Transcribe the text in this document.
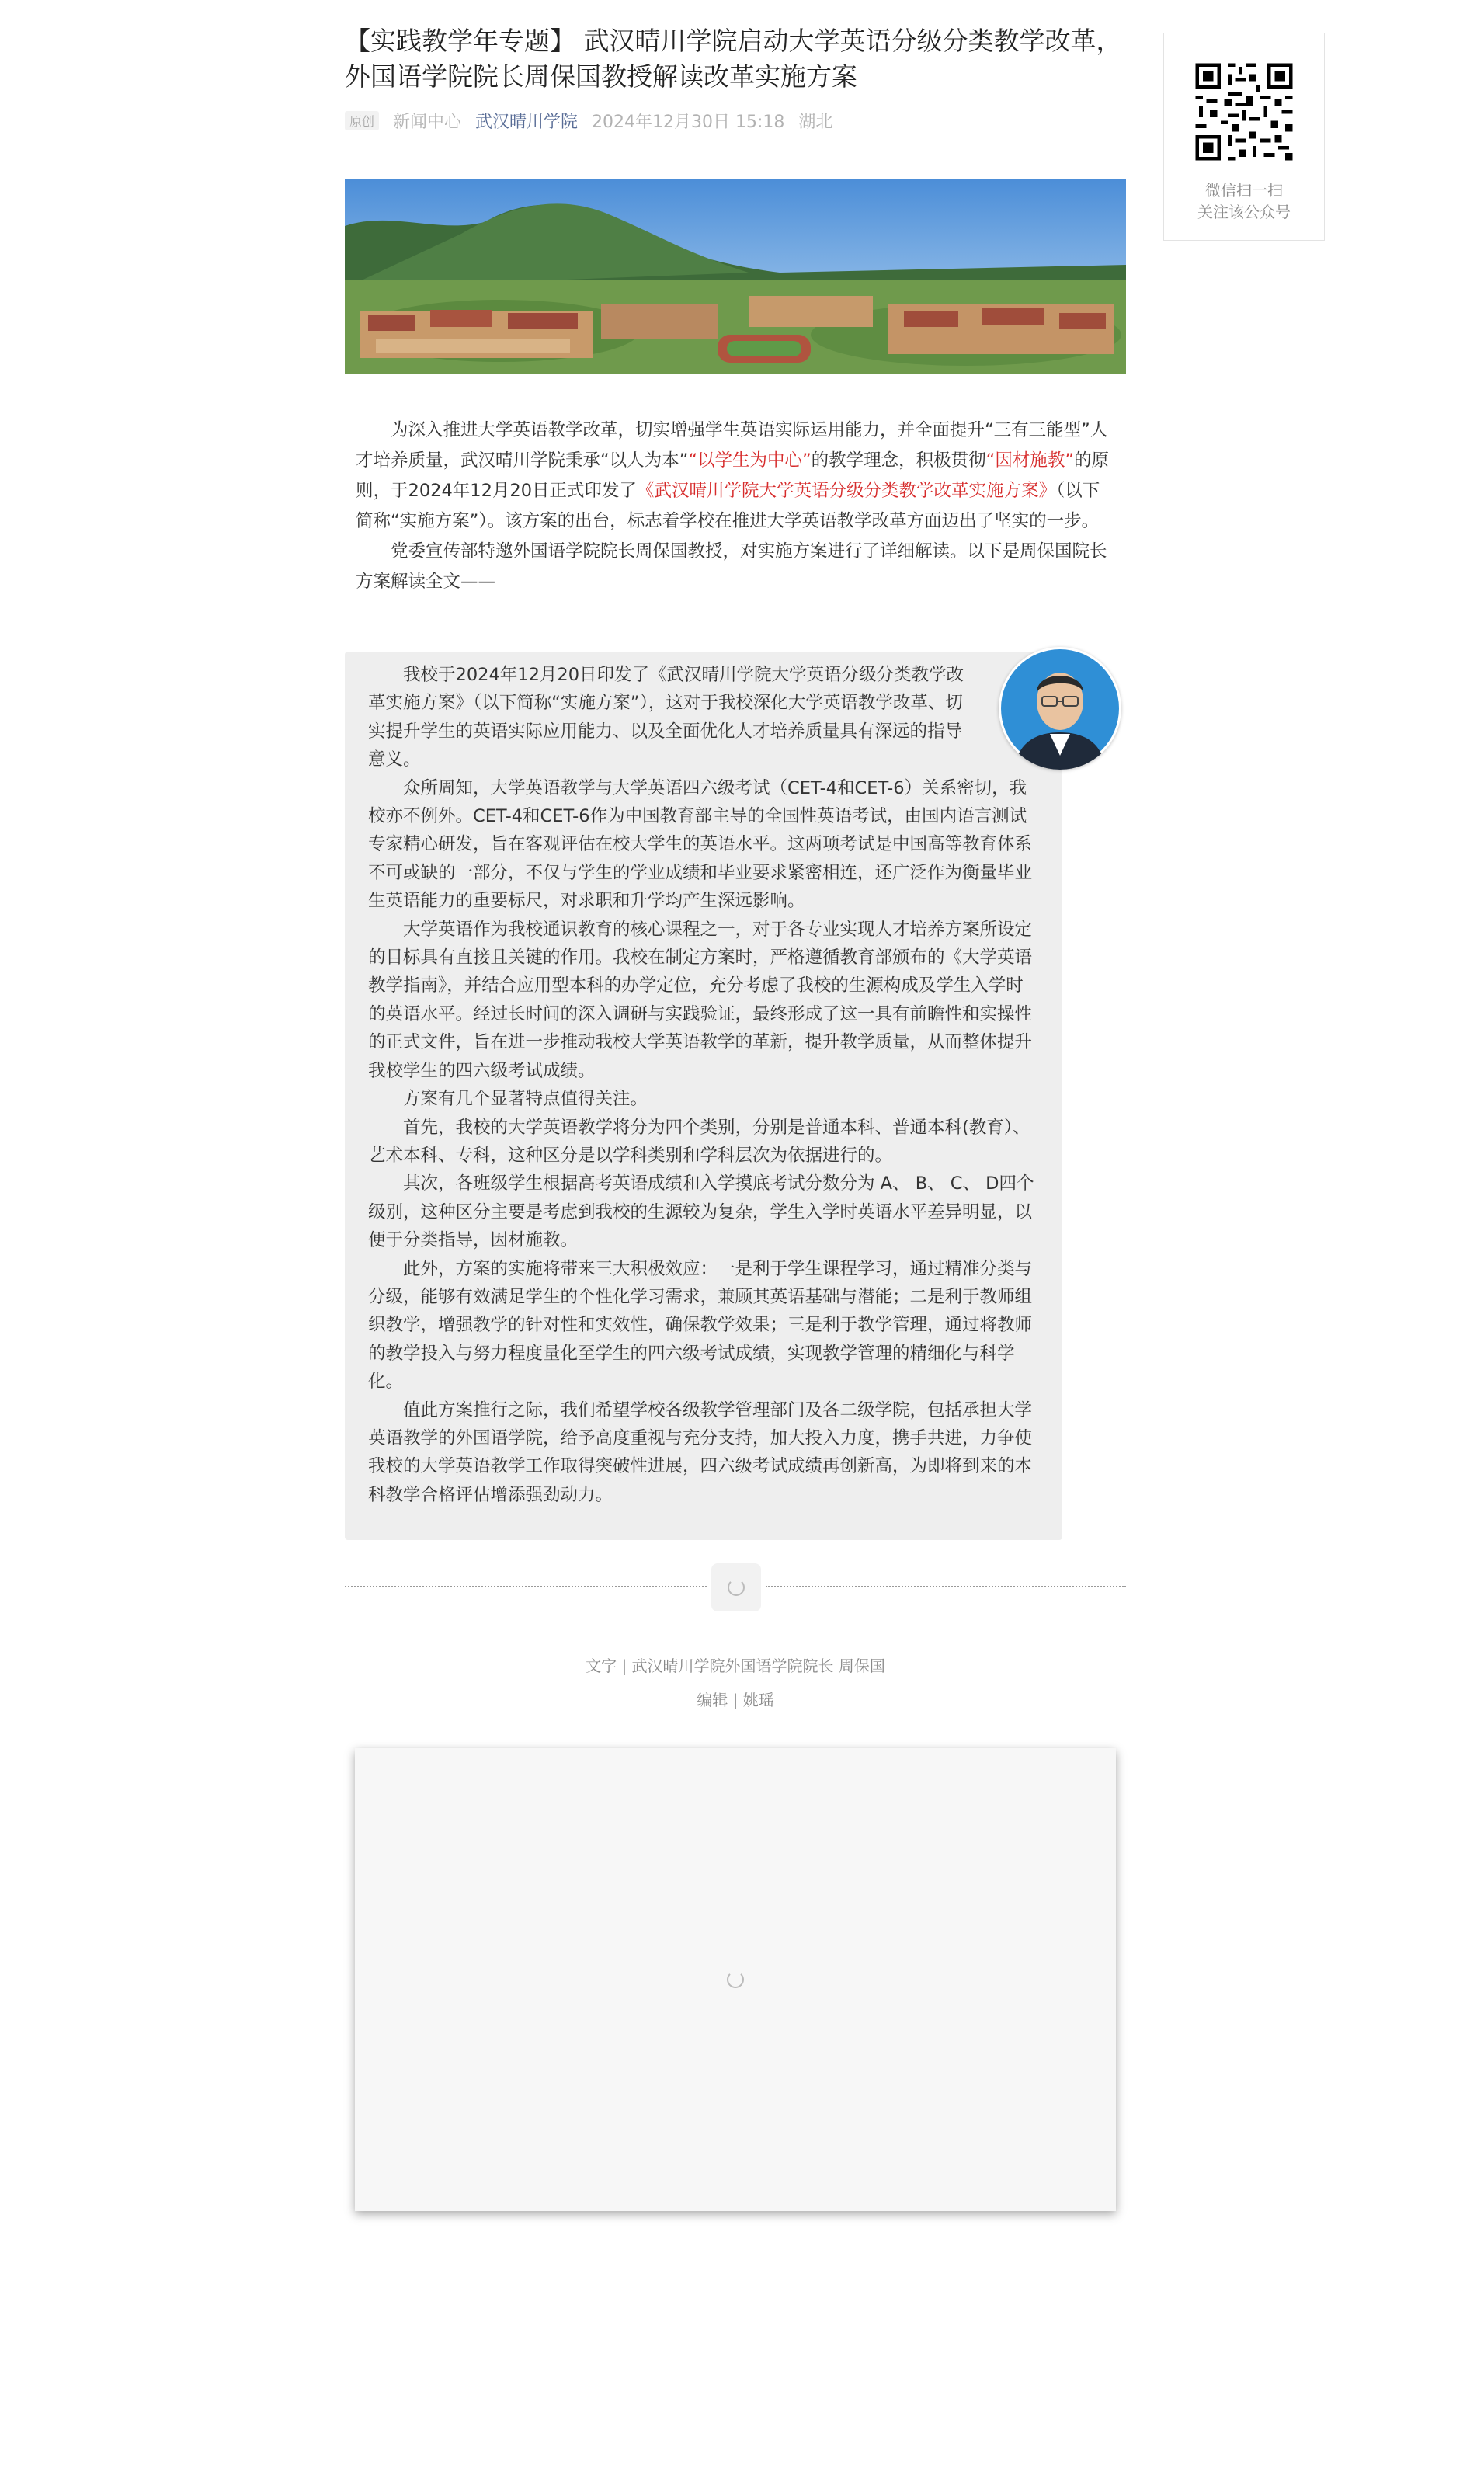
【实践教学年专题】 武汉晴川学院启动大学英语分级分类教学改革，外国语学院院长周保国教授解读改革实施方案
原创 新闻中心 武汉晴川学院 2024年12月30日 15:18 湖北

为深入推进大学英语教学改革，切实增强学生英语实际运用能力，并全面提升“三有三能型”人才培养质量，武汉晴川学院秉承“以人为本”“以学生为中心”的教学理念，积极贯彻“因材施教”的原则，于2024年12月20日正式印发了《武汉晴川学院大学英语分级分类教学改革实施方案》（以下简称“实施方案”）。该方案的出台，标志着学校在推进大学英语教学改革方面迈出了坚实的一步。

党委宣传部特邀外国语学院院长周保国教授，对实施方案进行了详细解读。以下是周保国院长方案解读全文——

我校于2024年12月20日印发了《武汉晴川学院大学英语分级分类教学改革实施方案》（以下简称“实施方案”），这对于我校深化大学英语教学改革、切实提升学生的英语实际应用能力、以及全面优化人才培养质量具有深远的指导意义。

众所周知，大学英语教学与大学英语四六级考试（CET-4和CET-6）关系密切，我校亦不例外。CET-4和CET-6作为中国教育部主导的全国性英语考试，由国内语言测试专家精心研发，旨在客观评估在校大学生的英语水平。这两项考试是中国高等教育体系不可或缺的一部分，不仅与学生的学业成绩和毕业要求紧密相连，还广泛作为衡量毕业生英语能力的重要标尺，对求职和升学均产生深远影响。

大学英语作为我校通识教育的核心课程之一，对于各专业实现人才培养方案所设定的目标具有直接且关键的作用。我校在制定方案时，严格遵循教育部颁布的《大学英语教学指南》，并结合应用型本科的办学定位，充分考虑了我校的生源构成及学生入学时的英语水平。经过长时间的深入调研与实践验证，最终形成了这一具有前瞻性和实操性的正式文件，旨在进一步推动我校大学英语教学的革新，提升教学质量，从而整体提升我校学生的四六级考试成绩。

方案有几个显著特点值得关注。

首先，我校的大学英语教学将分为四个类别，分别是普通本科、普通本科(教育）、艺术本科、专科，这种区分是以学科类别和学科层次为依据进行的。

其次，各班级学生根据高考英语成绩和入学摸底考试分数分为 A、 B、 C、 D四个级别，这种区分主要是考虑到我校的生源较为复杂，学生入学时英语水平差异明显，以便于分类指导，因材施教。

此外，方案的实施将带来三大积极效应：一是利于学生课程学习，通过精准分类与分级，能够有效满足学生的个性化学习需求，兼顾其英语基础与潜能；二是利于教师组织教学，增强教学的针对性和实效性，确保教学效果；三是利于教学管理，通过将教师的教学投入与努力程度量化至学生的四六级考试成绩，实现教学管理的精细化与科学化。

值此方案推行之际，我们希望学校各级教学管理部门及各二级学院，包括承担大学英语教学的外国语学院，给予高度重视与充分支持，加大投入力度，携手共进，力争使我校的大学英语教学工作取得突破性进展，四六级考试成绩再创新高，为即将到来的本科教学合格评估增添强劲动力。

文字 | 武汉晴川学院外国语学院院长 周保国
编辑 | 姚瑶
微信扫一扫
关注该公众号
